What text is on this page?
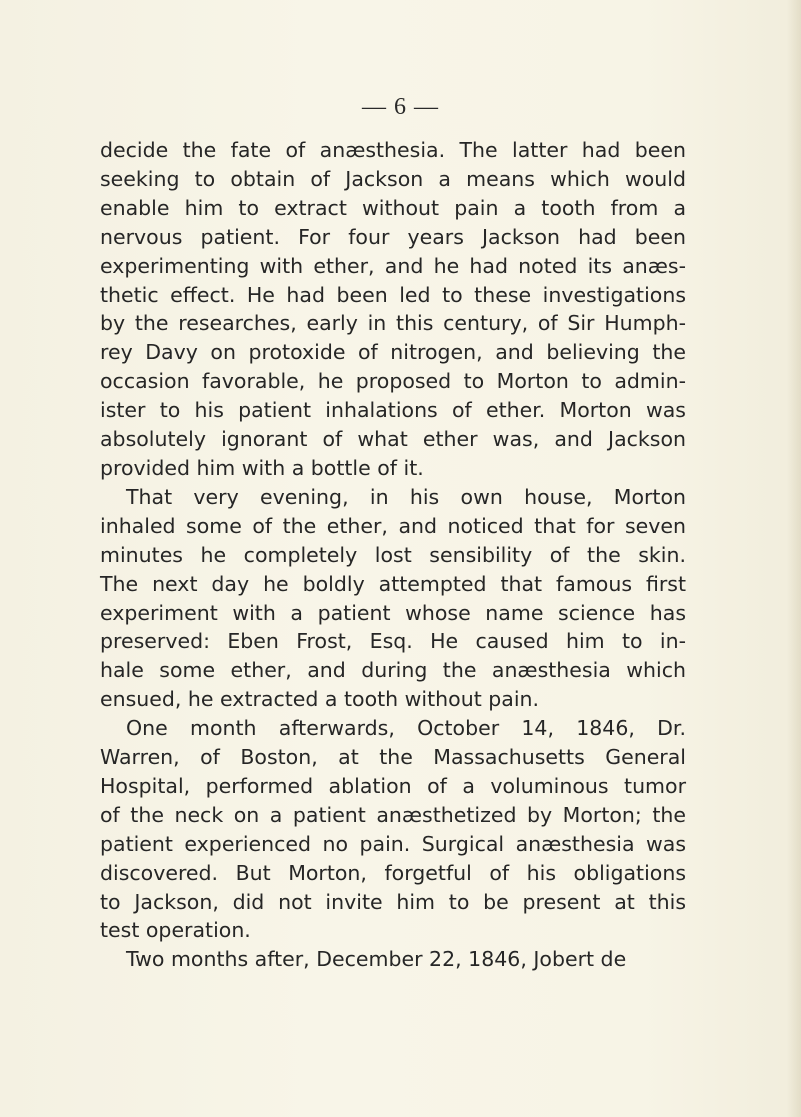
— 6 —
decide the fate of anæsthesia. The latter had been
seeking to obtain of Jackson a means which would
enable him to extract without pain a tooth from a
nervous patient. For four years Jackson had been
experimenting with ether, and he had noted its anæs-
thetic effect. He had been led to these investigations
by the researches, early in this century, of Sir Humph-
rey Davy on protoxide of nitrogen, and believing the
occasion favorable, he proposed to Morton to admin-
ister to his patient inhalations of ether. Morton was
absolutely ignorant of what ether was, and Jackson
provided him with a bottle of it.
That very evening, in his own house, Morton
inhaled some of the ether, and noticed that for seven
minutes he completely lost sensibility of the skin.
The next day he boldly attempted that famous first
experiment with a patient whose name science has
preserved: Eben Frost, Esq. He caused him to in-
hale some ether, and during the anæsthesia which
ensued, he extracted a tooth without pain.
One month afterwards, October 14, 1846, Dr.
Warren, of Boston, at the Massachusetts General
Hospital, performed ablation of a voluminous tumor
of the neck on a patient anæsthetized by Morton; the
patient experienced no pain. Surgical anæsthesia was
discovered. But Morton, forgetful of his obligations
to Jackson, did not invite him to be present at this
test operation.
Two months after, December 22, 1846, Jobert de
